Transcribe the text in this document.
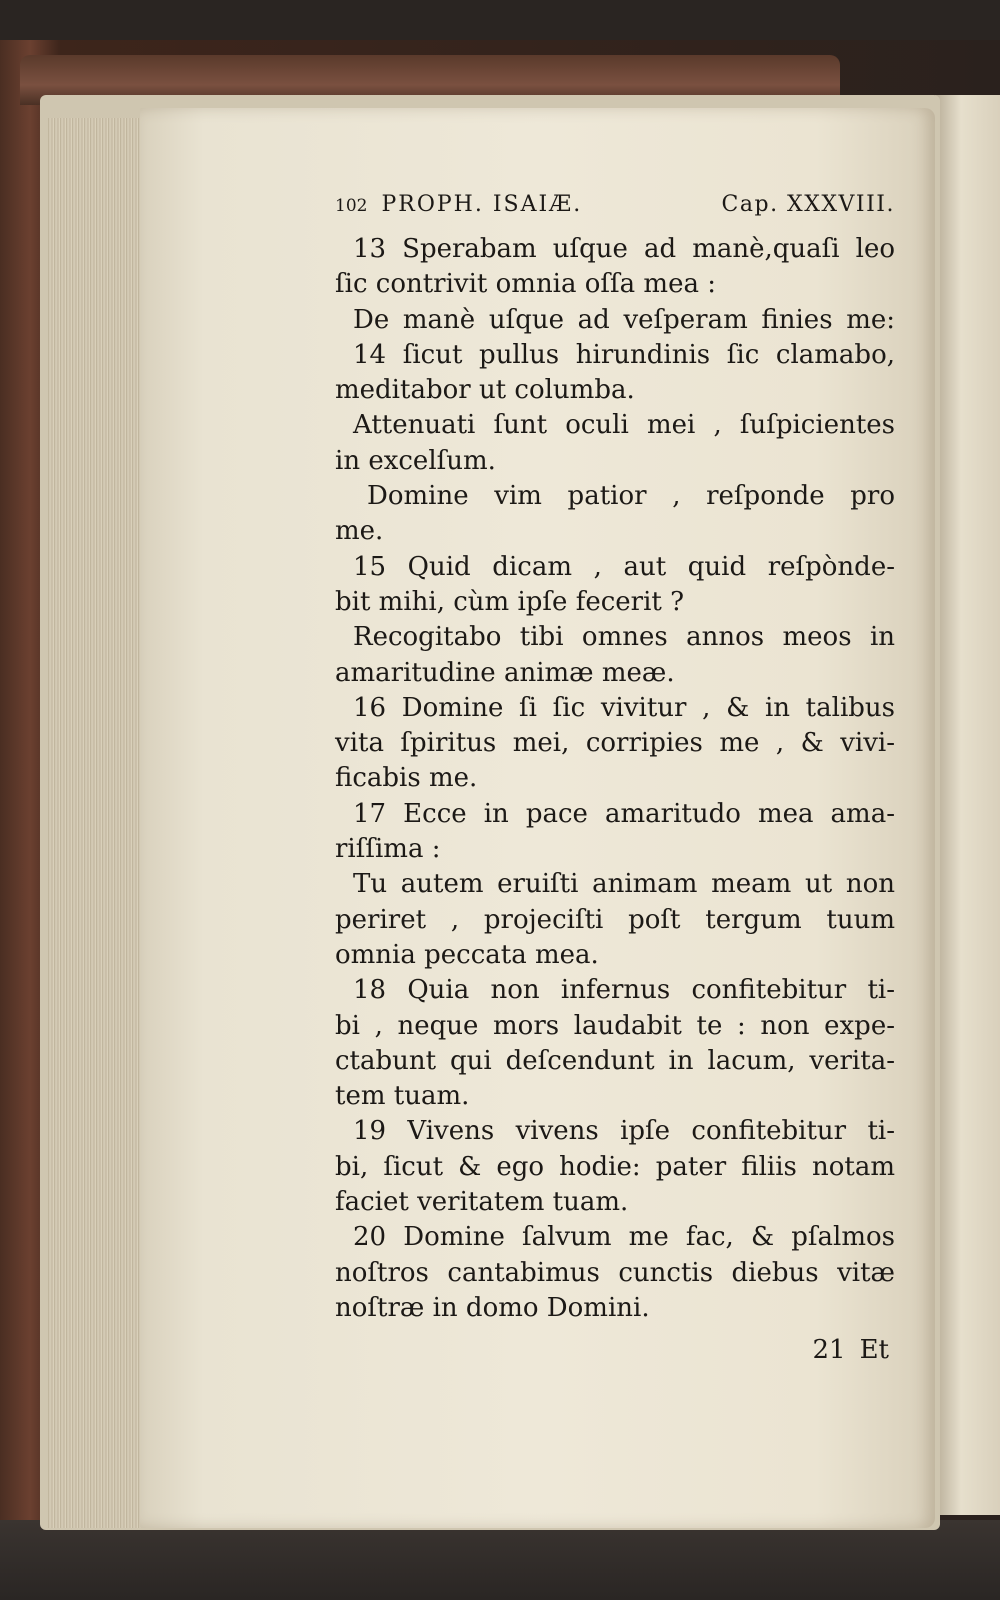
102 PROPH. ISAIÆ.	Cap. XXXVIII.
13 Sperabam uſque ad manè,quaſi leo
ſic contrivit omnia oſſa mea :
De manè uſque ad veſperam finies me:
14 ſicut pullus hirundinis ſic clamabo,
meditabor ut columba.
Attenuati ſunt oculi mei , ſuſpicientes
in excelſum.
Domine vim patior , reſponde pro
me.
15 Quid dicam , aut quid reſpònde-
bit mihi, cùm ipſe fecerit ?
Recogitabo tibi omnes annos meos in
amaritudine animæ meæ.
16 Domine ſi ſic vivitur , & in talibus
vita ſpiritus mei, corripies me , & vivi-
ficabis me.
17 Ecce in pace amaritudo mea ama-
riſſima :
Tu autem eruiſti animam meam ut non
periret , projeciſti poſt tergum tuum
omnia peccata mea.
18 Quia non infernus confitebitur ti-
bi , neque mors laudabit te : non expe-
ctabunt qui deſcendunt in lacum, verita-
tem tuam.
19 Vivens vivens ipſe confitebitur ti-
bi, ſicut & ego hodie: pater filiis notam
faciet veritatem tuam.
20 Domine ſalvum me fac, & pſalmos
noſtros cantabimus cunctis diebus vitæ
noſtræ in domo Domini.
21 Et
